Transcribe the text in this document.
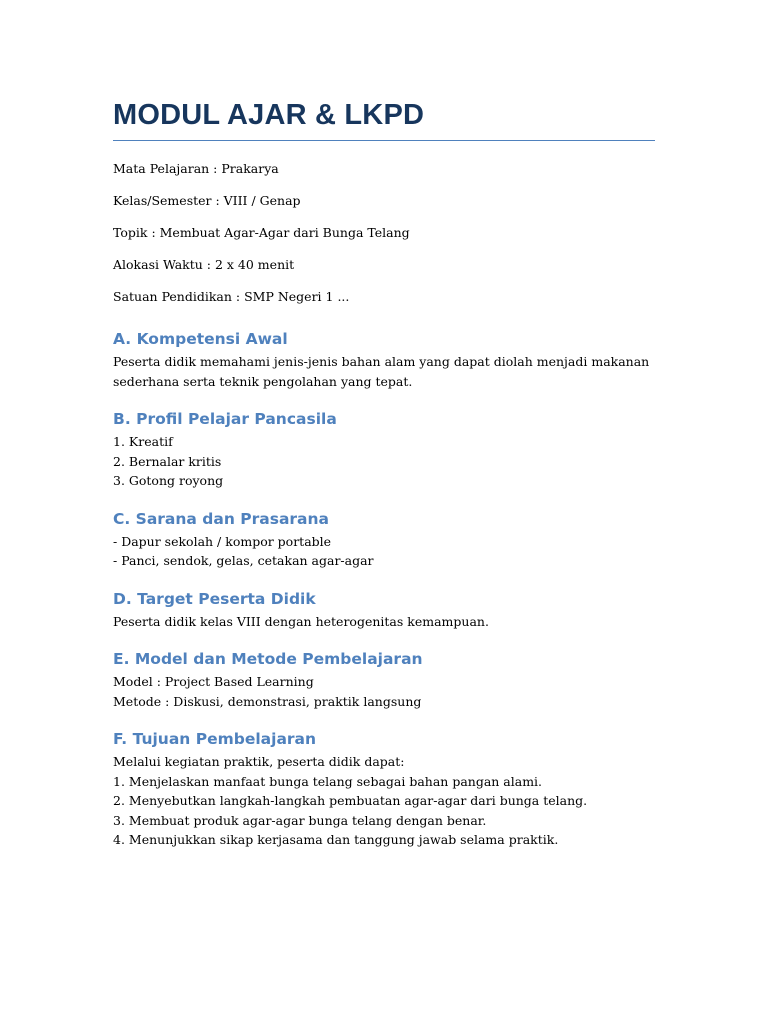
MODUL AJAR & LKPD

Mata Pelajaran : Prakarya

Kelas/Semester : VIII / Genap

Topik : Membuat Agar-Agar dari Bunga Telang

Alokasi Waktu : 2 x 40 menit

Satuan Pendidikan : SMP Negeri 1 ...

A. Kompetensi Awal

Peserta didik memahami jenis-jenis bahan alam yang dapat diolah menjadi makanan

sederhana serta teknik pengolahan yang tepat.

B. Profil Pelajar Pancasila

1. Kreatif

2. Bernalar kritis

3. Gotong royong

C. Sarana dan Prasarana

- Dapur sekolah / kompor portable

- Panci, sendok, gelas, cetakan agar-agar

D. Target Peserta Didik

Peserta didik kelas VIII dengan heterogenitas kemampuan.

E. Model dan Metode Pembelajaran

Model : Project Based Learning

Metode : Diskusi, demonstrasi, praktik langsung

F. Tujuan Pembelajaran

Melalui kegiatan praktik, peserta didik dapat:

1. Menjelaskan manfaat bunga telang sebagai bahan pangan alami.

2. Menyebutkan langkah-langkah pembuatan agar-agar dari bunga telang.

3. Membuat produk agar-agar bunga telang dengan benar.

4. Menunjukkan sikap kerjasama dan tanggung jawab selama praktik.
